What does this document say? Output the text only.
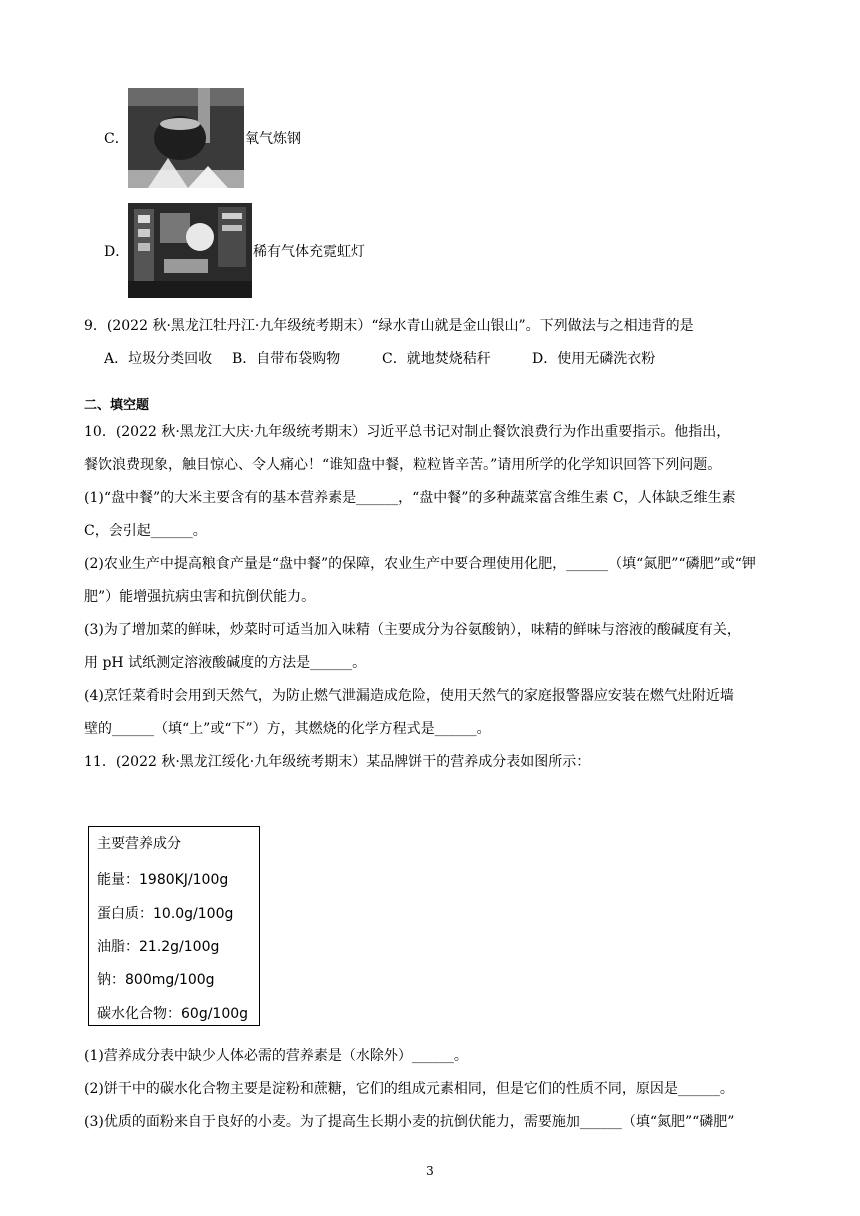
氧气炼钢
C．
D．	稀有气体充霓虹灯
9．(2022 秋·黑龙江牡丹江·九年级统考期末）“绿水青山就是金山银山”。下列做法与之相违背的是
A．垃圾分类回收	B．自带布袋购物	C．就地焚烧秸秆	D．使用无磷洗衣粉
二、填空题
10．(2022 秋·黑龙江大庆·九年级统考期末）习近平总书记对制止餐饮浪费行为作出重要指示。他指出，
餐饮浪费现象，触目惊心、令人痛心！“谁知盘中餐，粒粒皆辛苦。”请用所学的化学知识回答下列问题。
(1)“盘中餐”的大米主要含有的基本营养素是______，“盘中餐”的多种蔬菜富含维生素 C，人体缺乏维生素
C，会引起______。
(2)农业生产中提高粮食产量是“盘中餐”的保障，农业生产中要合理使用化肥，______（填“氮肥”“磷肥”或“钾
肥”）能增强抗病虫害和抗倒伏能力。
(3)为了增加菜的鲜味，炒菜时可适当加入味精（主要成分为谷氨酸钠），味精的鲜味与溶液的酸碱度有关，
用 pH 试纸测定溶液酸碱度的方法是______。
(4)烹饪菜肴时会用到天然气，为防止燃气泄漏造成危险，使用天然气的家庭报警器应安装在燃气灶附近墙
壁的______（填“上”或“下”）方，其燃烧的化学方程式是______。
11．(2022 秋·黑龙江绥化·九年级统考期末）某品牌饼干的营养成分表如图所示：
主要营养成分
能量：1980KJ/100g
蛋白质：10.0g/100g
油脂：21.2g/100g
钠：800mg/100g
碳水化合物：60g/100g
(1)营养成分表中缺少人体必需的营养素是（水除外）______。
(2)饼干中的碳水化合物主要是淀粉和蔗糖，它们的组成元素相同，但是它们的性质不同，原因是______。
(3)优质的面粉来自于良好的小麦。为了提高生长期小麦的抗倒伏能力，需要施加______（填“氮肥”“磷肥”
3
